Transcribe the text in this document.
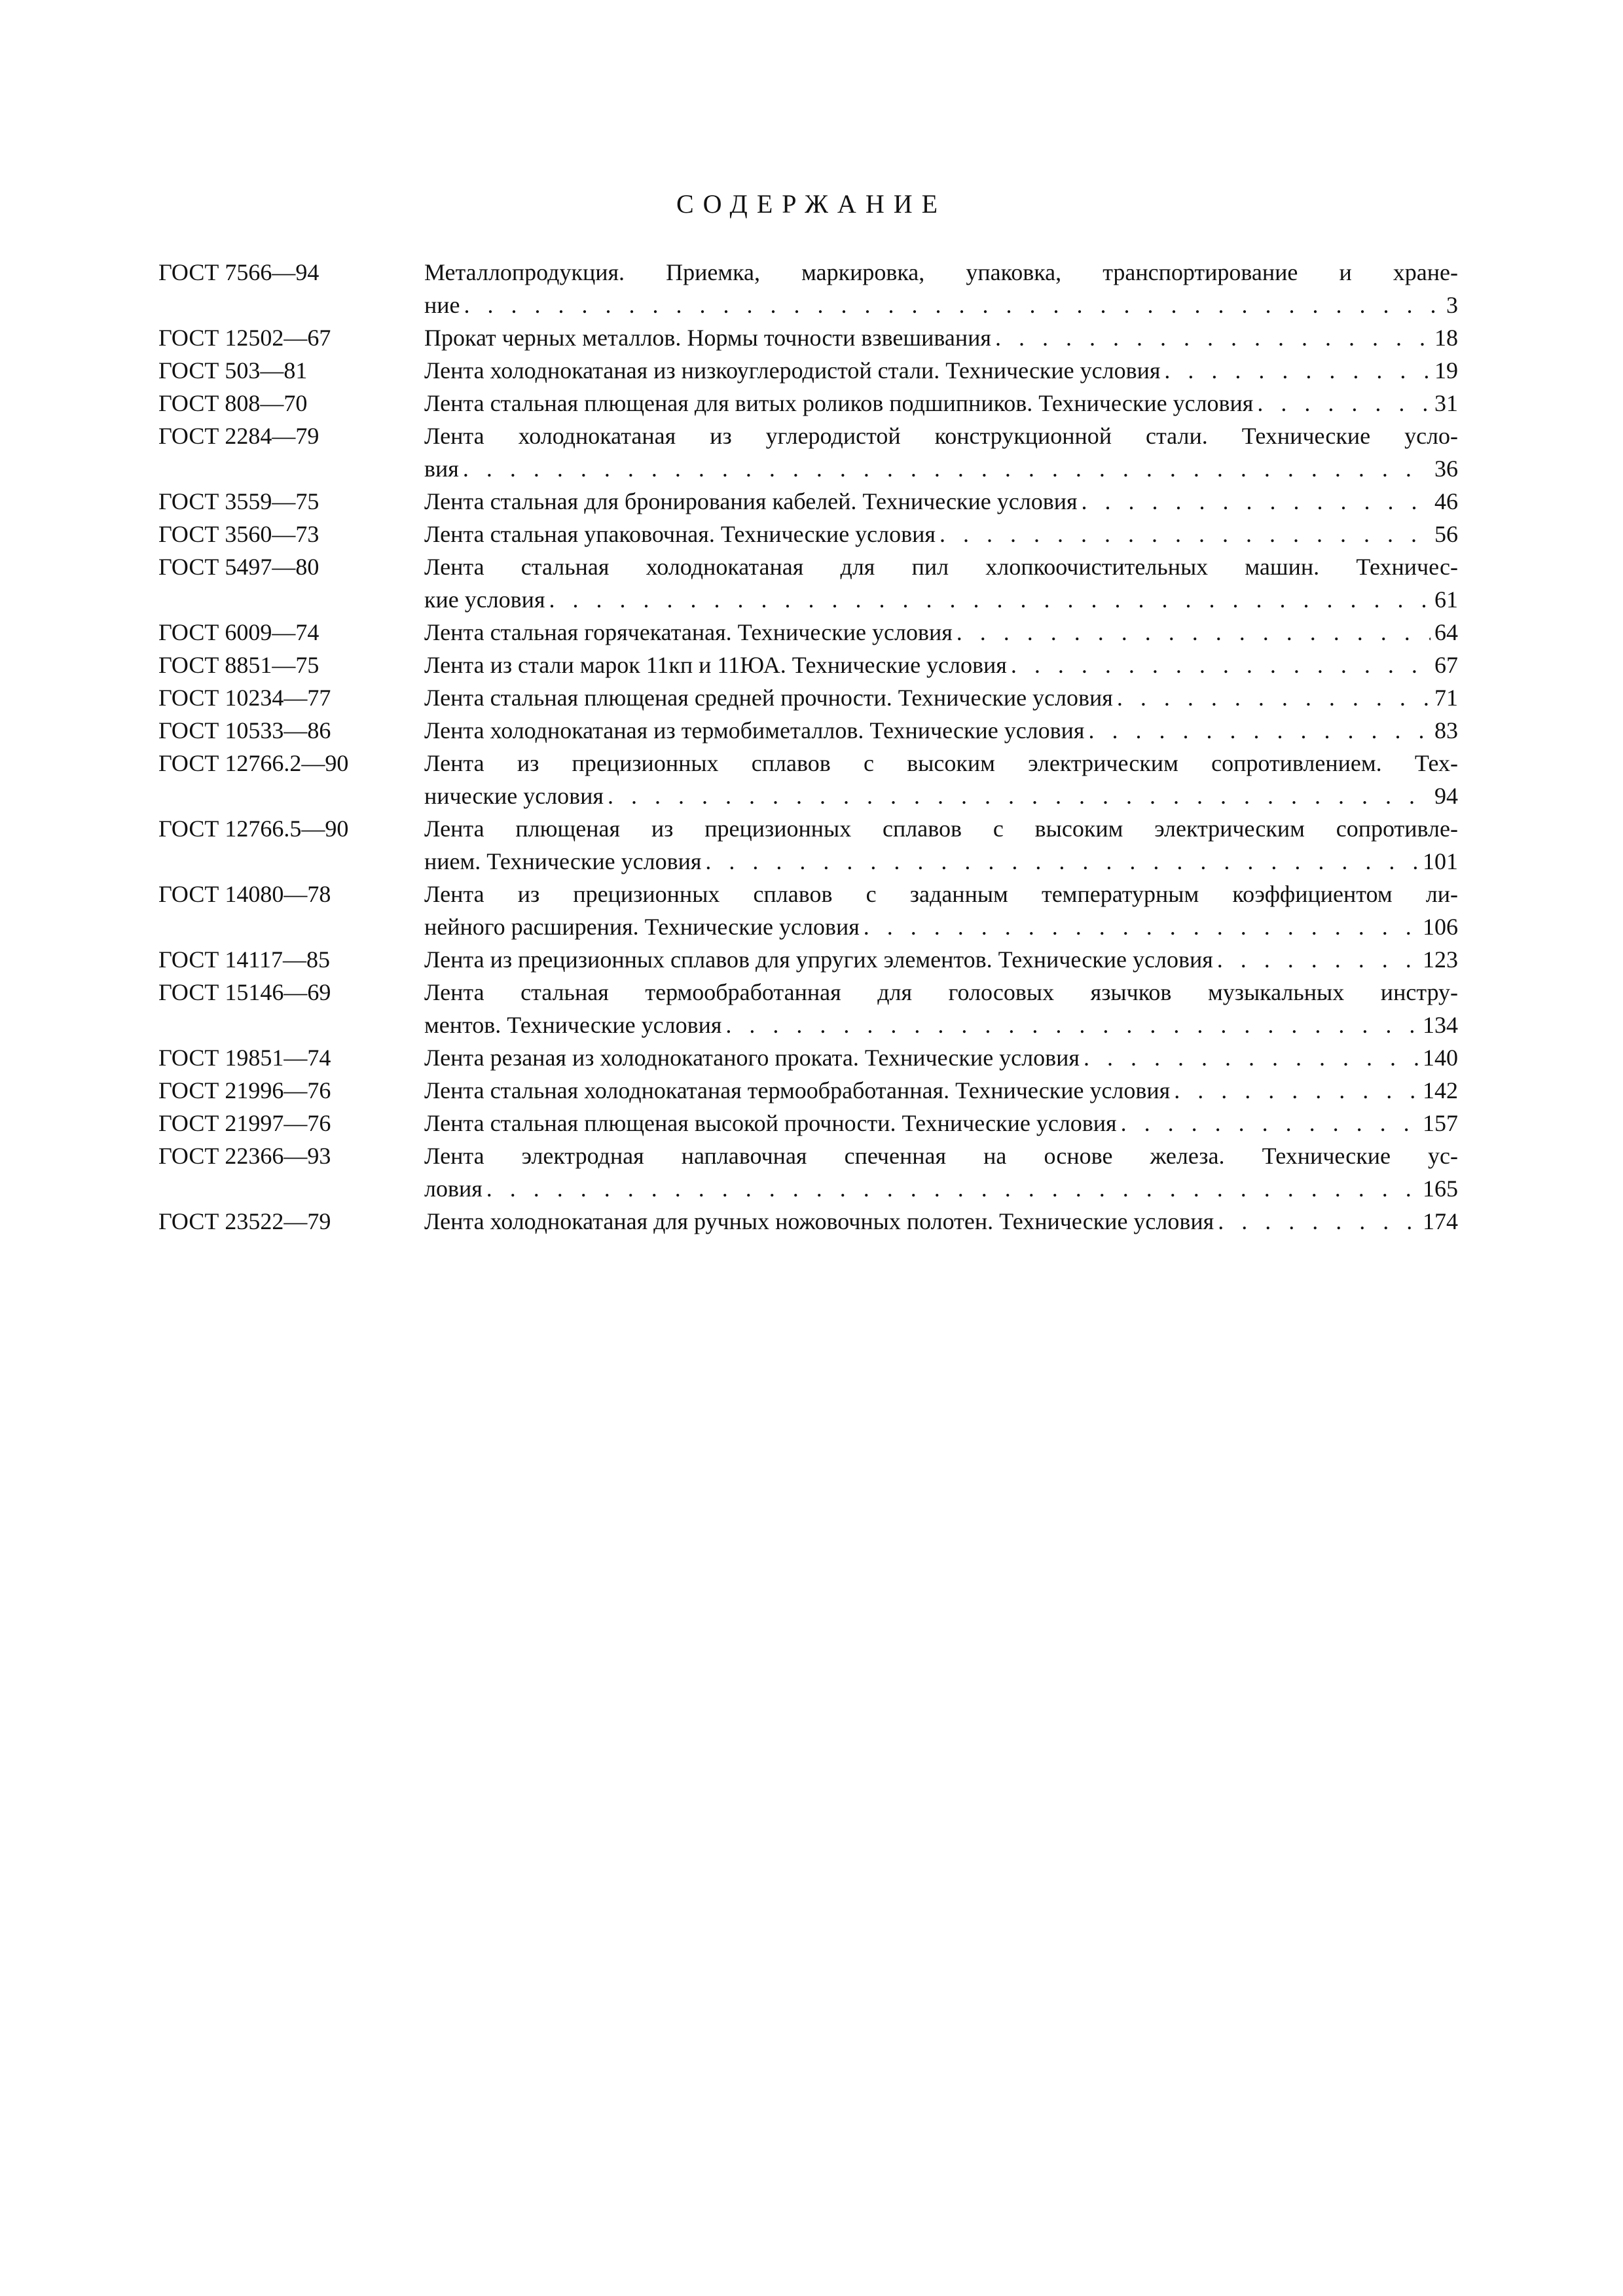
СОДЕРЖАНИЕ
ГОСТ 7566—94	Металлопродукция. Приемка, маркировка, упаковка, транспортирование и хране-
ние . . .	3
ГОСТ 12502—67	Прокат черных металлов. Нормы точности взвешивания . . .	18
ГОСТ 503—81	Лента холоднокатаная из низкоуглеродистой стали. Технические условия . . .	19
ГОСТ 808—70	Лента стальная плющеная для витых роликов подшипников. Технические условия . . .	31
ГОСТ 2284—79	Лента холоднокатаная из углеродистой конструкционной стали. Технические усло-
вия . . .	36
ГОСТ 3559—75	Лента стальная для бронирования кабелей. Технические условия . . .	46
ГОСТ 3560—73	Лента стальная упаковочная. Технические условия . . .	56
ГОСТ 5497—80	Лента стальная холоднокатаная для пил хлопкоочистительных машин. Техничес-
кие условия . . .	61
ГОСТ 6009—74	Лента стальная горячекатаная. Технические условия . . .	64
ГОСТ 8851—75	Лента из стали марок 11кп и 11ЮА. Технические условия . . .	67
ГОСТ 10234—77	Лента стальная плющеная средней прочности. Технические условия . . .	71
ГОСТ 10533—86	Лента холоднокатаная из термобиметаллов. Технические условия . . .	83
ГОСТ 12766.2—90	Лента из прецизионных сплавов с высоким электрическим сопротивлением. Тех-
нические условия . . .	94
ГОСТ 12766.5—90	Лента плющеная из прецизионных сплавов с высоким электрическим сопротивле-
нием. Технические условия . . .	101
ГОСТ 14080—78	Лента из прецизионных сплавов с заданным температурным коэффициентом ли-
нейного расширения. Технические условия . . .	106
ГОСТ 14117—85	Лента из прецизионных сплавов для упругих элементов. Технические условия . . .	123
ГОСТ 15146—69	Лента стальная термообработанная для голосовых язычков музыкальных инстру-
ментов. Технические условия . . .	134
ГОСТ 19851—74	Лента резаная из холоднокатаного проката. Технические условия . . .	140
ГОСТ 21996—76	Лента стальная холоднокатаная термообработанная. Технические условия . . .	142
ГОСТ 21997—76	Лента стальная плющеная высокой прочности. Технические условия . . .	157
ГОСТ 22366—93	Лента электродная наплавочная спеченная на основе железа. Технические ус-
ловия . . .	165
ГОСТ 23522—79	Лента холоднокатаная для ручных ножовочных полотен. Технические условия . . .	174
